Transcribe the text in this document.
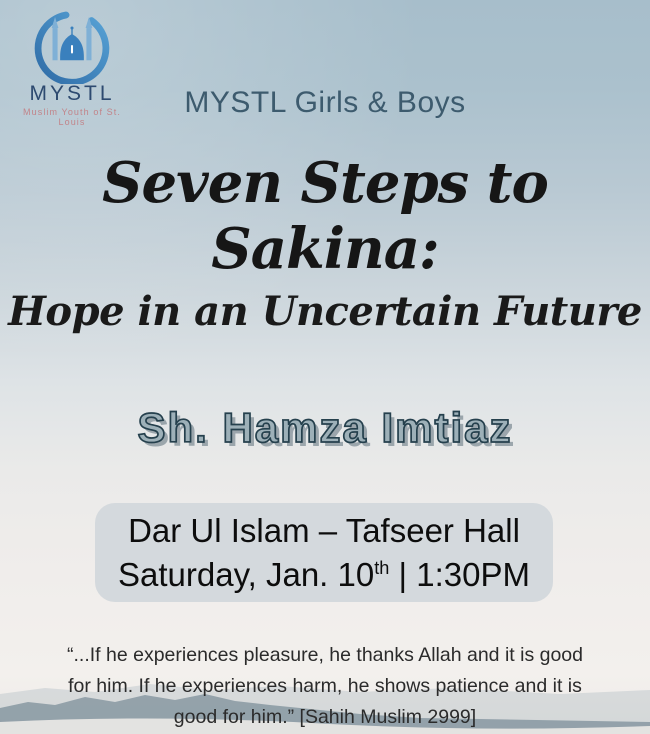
MYSTL
Muslim Youth of St. Louis
MYSTL Girls & Boys
Seven Steps to Sakina:
Hope in an Uncertain Future
Sh. Hamza Imtiaz
Dar Ul Islam – Tafseer Hall
Saturday, Jan. 10th | 1:30PM
“...If he experiences pleasure, he thanks Allah and it is good for him. If he experiences harm, he shows patience and it is good for him.” [Sahih Muslim 2999]
